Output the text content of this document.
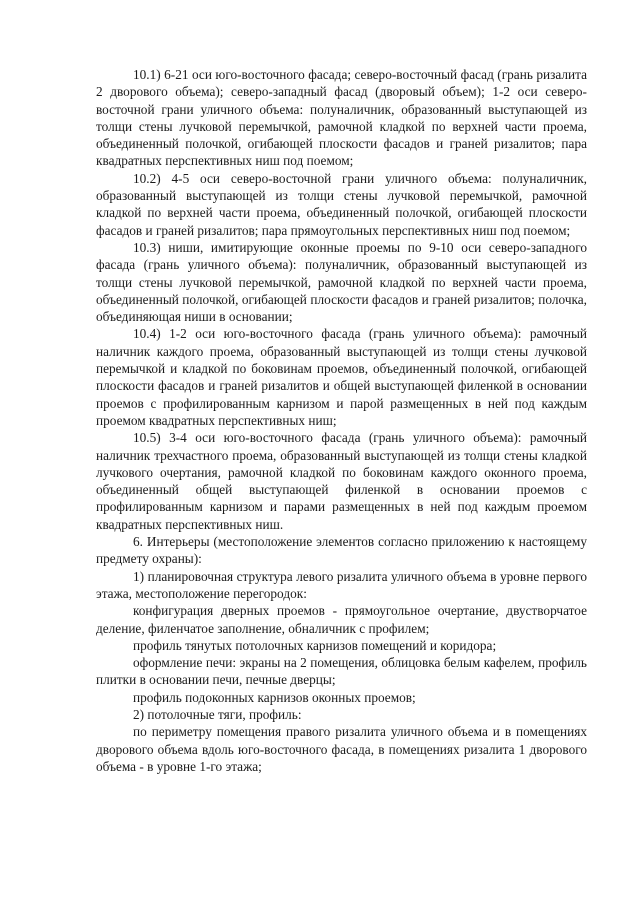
10.1) 6-21 оси юго-восточного фасада; северо-восточный фасад (грань ризалита 2 дворового объема); северо-западный фасад (дворовый объем); 1-2 оси северо-восточной грани уличного объема: полуналичник, образованный выступающей из толщи стены лучковой перемычкой, рамочной кладкой по верхней части проема, объединенный полочкой, огибающей плоскости фасадов и граней ризалитов; пара квадратных перспективных ниш под поемом;

10.2) 4-5 оси северо-восточной грани уличного объема: полуналичник, образованный выступающей из толщи стены лучковой перемычкой, рамочной кладкой по верхней части проема, объединенный полочкой, огибающей плоскости фасадов и граней ризалитов; пара прямоугольных перспективных ниш под поемом;

10.3) ниши, имитирующие оконные проемы по 9-10 оси северо-западного фасада (грань уличного объема): полуналичник, образованный выступающей из толщи стены лучковой перемычкой, рамочной кладкой по верхней части проема, объединенный полочкой, огибающей плоскости фасадов и граней ризалитов; полочка, объединяющая ниши в основании;

10.4) 1-2 оси юго-восточного фасада (грань уличного объема): рамочный наличник каждого проема, образованный выступающей из толщи стены лучковой перемычкой и кладкой по боковинам проемов, объединенный полочкой, огибающей плоскости фасадов и граней ризалитов и общей выступающей филенкой в основании проемов с профилированным карнизом и парой размещенных в ней под каждым проемом квадратных перспективных ниш;

10.5) 3-4 оси юго-восточного фасада (грань уличного объема): рамочный наличник трехчастного проема, образованный выступающей из толщи стены кладкой лучкового очертания, рамочной кладкой по боковинам каждого оконного проема, объединенный общей выступающей филенкой в основании проемов с профилированным карнизом и парами размещенных в ней под каждым проемом квадратных перспективных ниш.

6. Интерьеры (местоположение элементов согласно приложению к настоящему предмету охраны):

1) планировочная структура левого ризалита уличного объема в уровне первого этажа, местоположение перегородок:

конфигурация дверных проемов - прямоугольное очертание, двустворчатое деление, филенчатое заполнение, обналичник с профилем;

профиль тянутых потолочных карнизов помещений и коридора;

оформление печи: экраны на 2 помещения, облицовка белым кафелем, профиль плитки в основании печи, печные дверцы;

профиль подоконных карнизов оконных проемов;

2) потолочные тяги, профиль:

по периметру помещения правого ризалита уличного объема и в помещениях дворового объема вдоль юго-восточного фасада, в помещениях ризалита 1 дворового объема - в уровне 1-го этажа;
